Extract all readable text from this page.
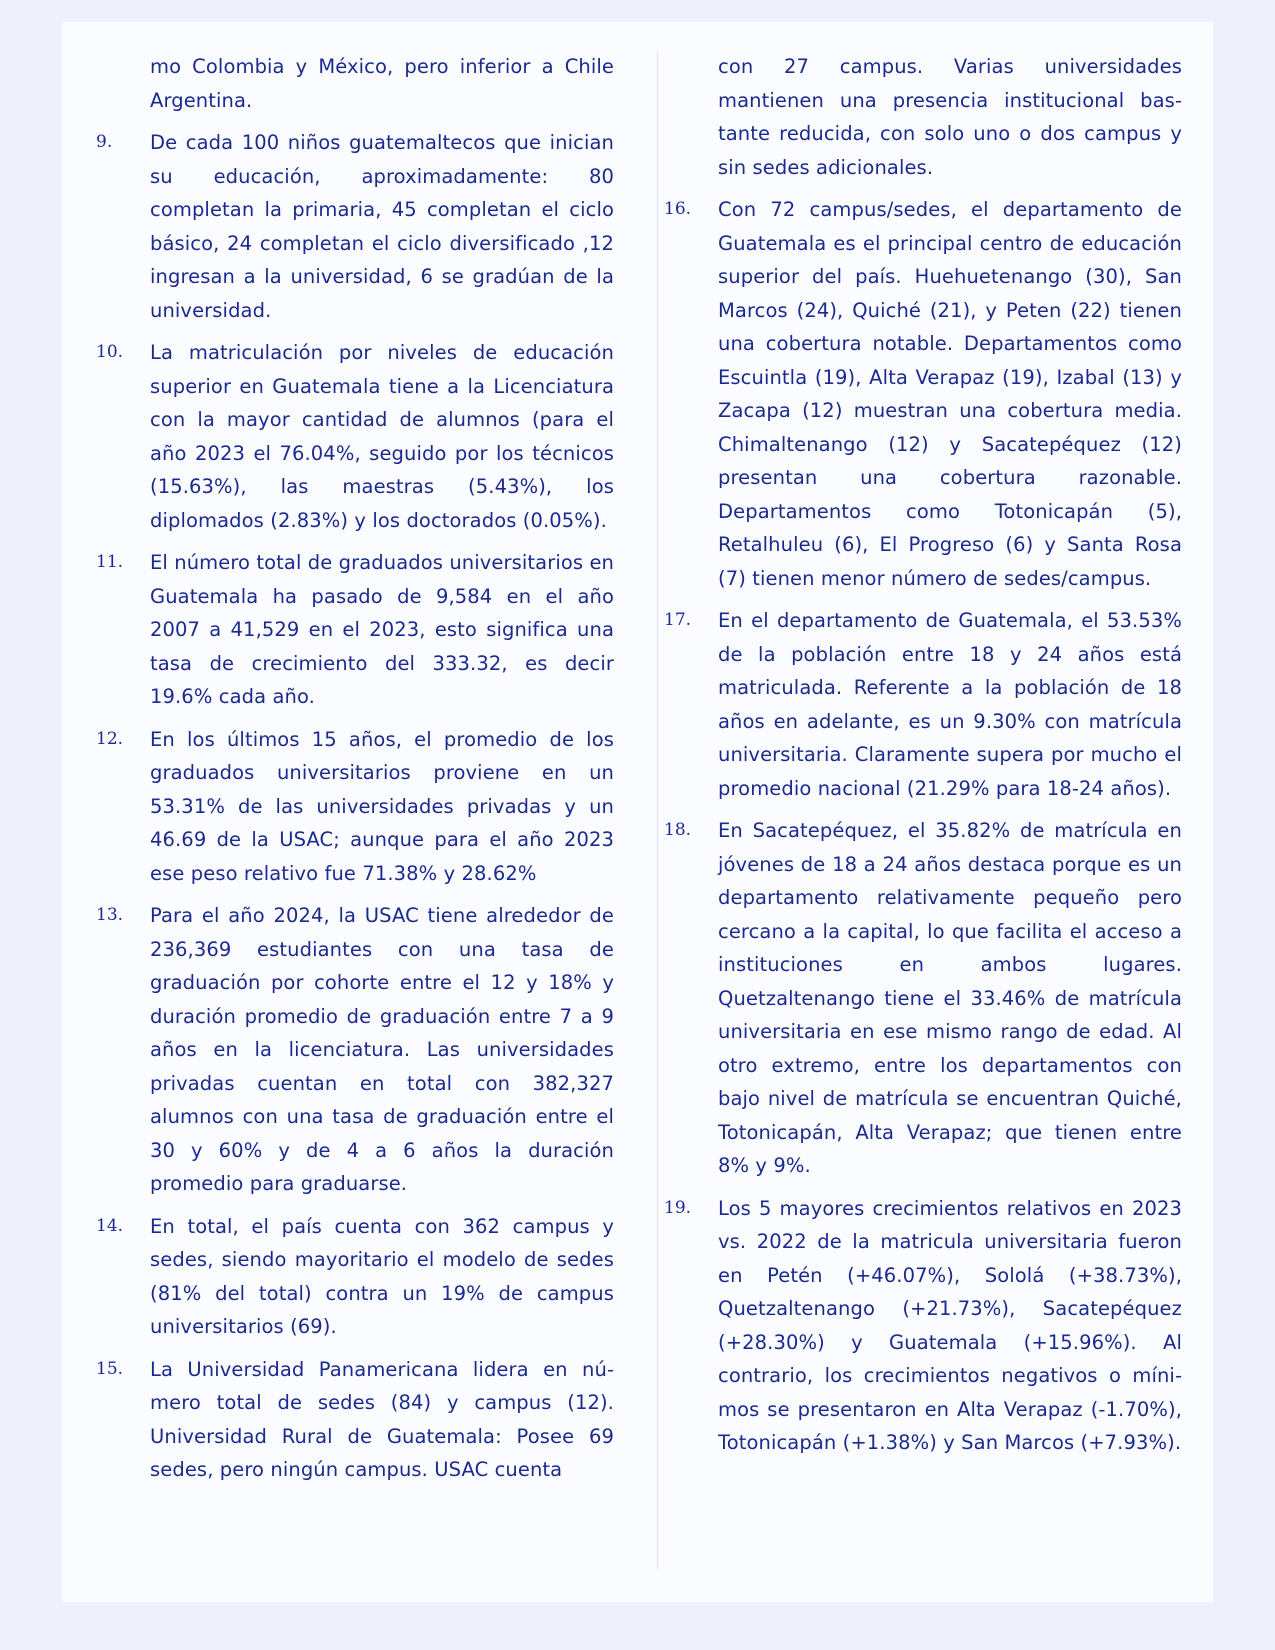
mo Colombia y México, pero inferior a Chile Argentina.
9.	De cada 100 niños guatemaltecos que inician su educación, aproximadamente: 80 completan la primaria, 45 completan el ciclo básico, 24 completan el ciclo diversificado ,12 ingresan a la universidad, 6 se gradúan de la universidad.
10.	La matriculación por niveles de educación superior en Guatemala tiene a la Licenciatura con la mayor cantidad de alumnos (para el año 2023 el 76.04%, seguido por los técnicos (15.63%), las maestras (5.43%), los diplomados (2.83%) y los doctorados (0.05%).
11.	El número total de graduados universitarios en Guatemala ha pasado de 9,584 en el año 2007 a 41,529 en el 2023, esto significa una tasa de crecimiento del 333.32, es decir 19.6% cada año.
12.	En los últimos 15 años, el promedio de los graduados universitarios proviene en un 53.31% de las universidades privadas y un 46.69 de la USAC; aunque para el año 2023 ese peso relativo fue 71.38% y 28.62%
13.	Para el año 2024, la USAC tiene alrededor de 236,369 estudiantes con una tasa de graduación por cohorte entre el 12 y 18% y duración promedio de graduación entre 7 a 9 años en la licenciatura. Las universidades privadas cuentan en total con 382,327 alumnos con una tasa de graduación entre el 30 y 60% y de 4 a 6 años la duración promedio para graduarse.
14.	En total, el país cuenta con 362 campus y sedes, siendo mayoritario el modelo de sedes (81% del total) contra un 19% de campus universitarios (69).
15.	La Universidad Panamericana lidera en número total de sedes (84) y campus (12). Universidad Rural de Guatemala: Posee 69 sedes, pero ningún campus. USAC cuenta
con 27 campus. Varias universidades mantienen una presencia institucional bastante reducida, con solo uno o dos campus y sin sedes adicionales.
16.	Con 72 campus/sedes, el departamento de Guatemala es el principal centro de educación superior del país. Huehuetenango (30), San Marcos (24), Quiché (21), y Peten (22) tienen una cobertura notable. Departamentos como Escuintla (19), Alta Verapaz (19), Izabal (13) y Zacapa (12) muestran una cobertura media. Chimaltenango (12) y Sacatepéquez (12) presentan una cobertura razonable. Departamentos como Totonicapán (5), Retalhuleu (6), El Progreso (6) y Santa Rosa (7) tienen menor número de sedes/campus.
17.	En el departamento de Guatemala, el 53.53% de la población entre 18 y 24 años está matriculada. Referente a la población de 18 años en adelante, es un 9.30% con matrícula universitaria. Claramente supera por mucho el promedio nacional (21.29% para 18-24 años).
18.	En Sacatepéquez, el 35.82% de matrícula en jóvenes de 18 a 24 años destaca porque es un departamento relativamente pequeño pero cercano a la capital, lo que facilita el acceso a instituciones en ambos lugares. Quetzaltenango tiene el 33.46% de matrícula universitaria en ese mismo rango de edad. Al otro extremo, entre los departamentos con bajo nivel de matrícula se encuentran Quiché, Totonicapán, Alta Verapaz; que tienen entre 8% y 9%.
19.	Los 5 mayores crecimientos relativos en 2023 vs. 2022 de la matricula universitaria fueron en Petén (+46.07%), Sololá (+38.73%), Quetzaltenango (+21.73%), Sacatepéquez (+28.30%) y Guatemala (+15.96%). Al contrario, los crecimientos negativos o mínimos se presentaron en Alta Verapaz (-1.70%), Totonicapán (+1.38%) y San Marcos (+7.93%).
